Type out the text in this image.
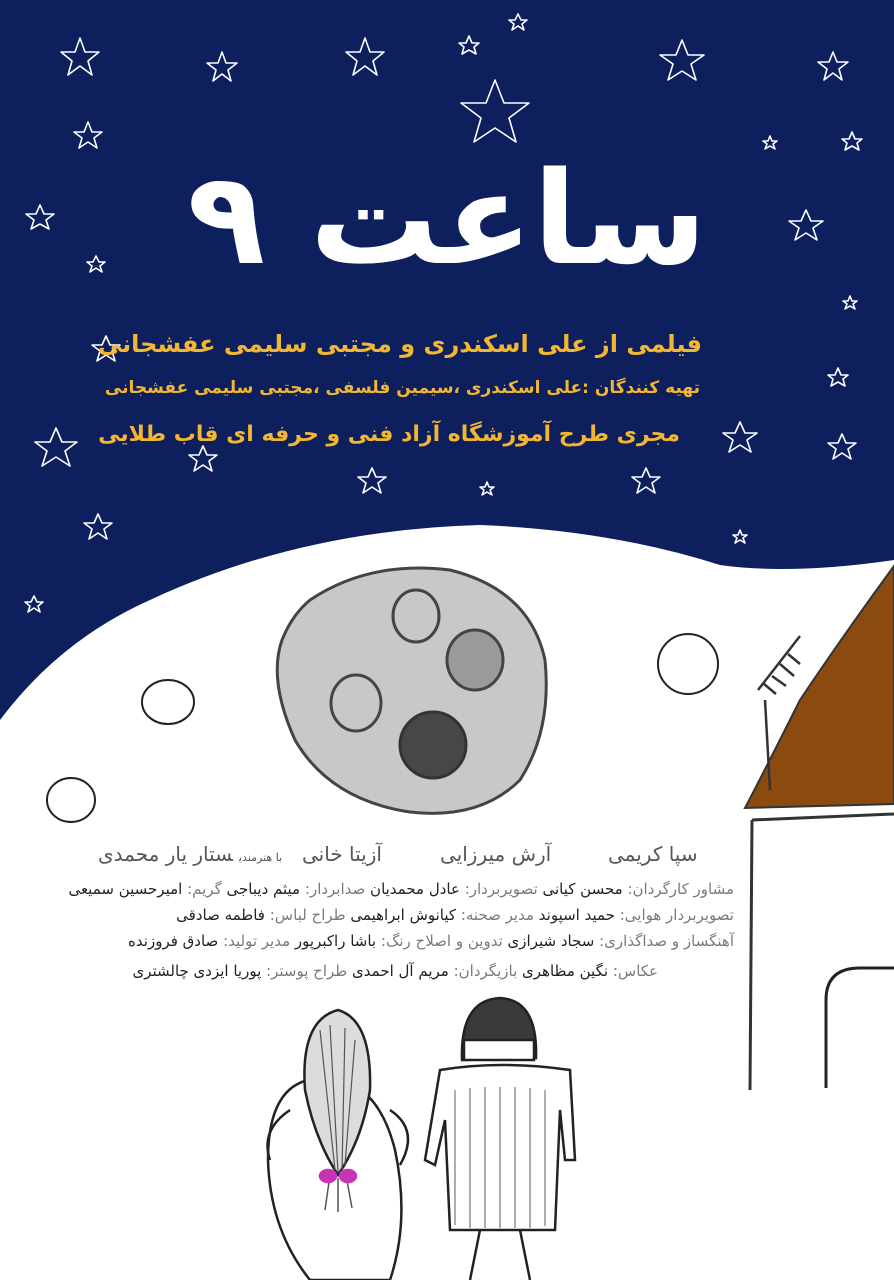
ساعت ۹
فیلمی از علی اسکندری و مجتبی سلیمی عفشجانی
تهیه کنندگان :علی اسکندری ،سیمین فلسفی ،مجتبی سلیمی عفشجانی
مجری طرح آموزشگاه آزاد فنی و حرفه ای قاب طلایی
سپا کریمی
آرش میرزایی
آزیتا خانی
با هنرمندیستار یار محمدی
مشاور کارگردان: محسن کیانی تصویربردار: عادل محمدیان صدابردار: میثم دیباجی گریم: امیرحسین سمیعی
تصویربردار هوایی: حمید اسپوند مدیر صحنه: کیانوش ابراهیمی طراح لباس: فاطمه صادقی
آهنگساز و صداگذاری: سجاد شیرازی تدوین و اصلاح رنگ: باشا راکبرپور مدیر تولید: صادق فروزنده
عکاس: نگین مظاهری بازیگردان: مریم آل احمدی طراح پوستر: پوریا ایزدی چالشتری
